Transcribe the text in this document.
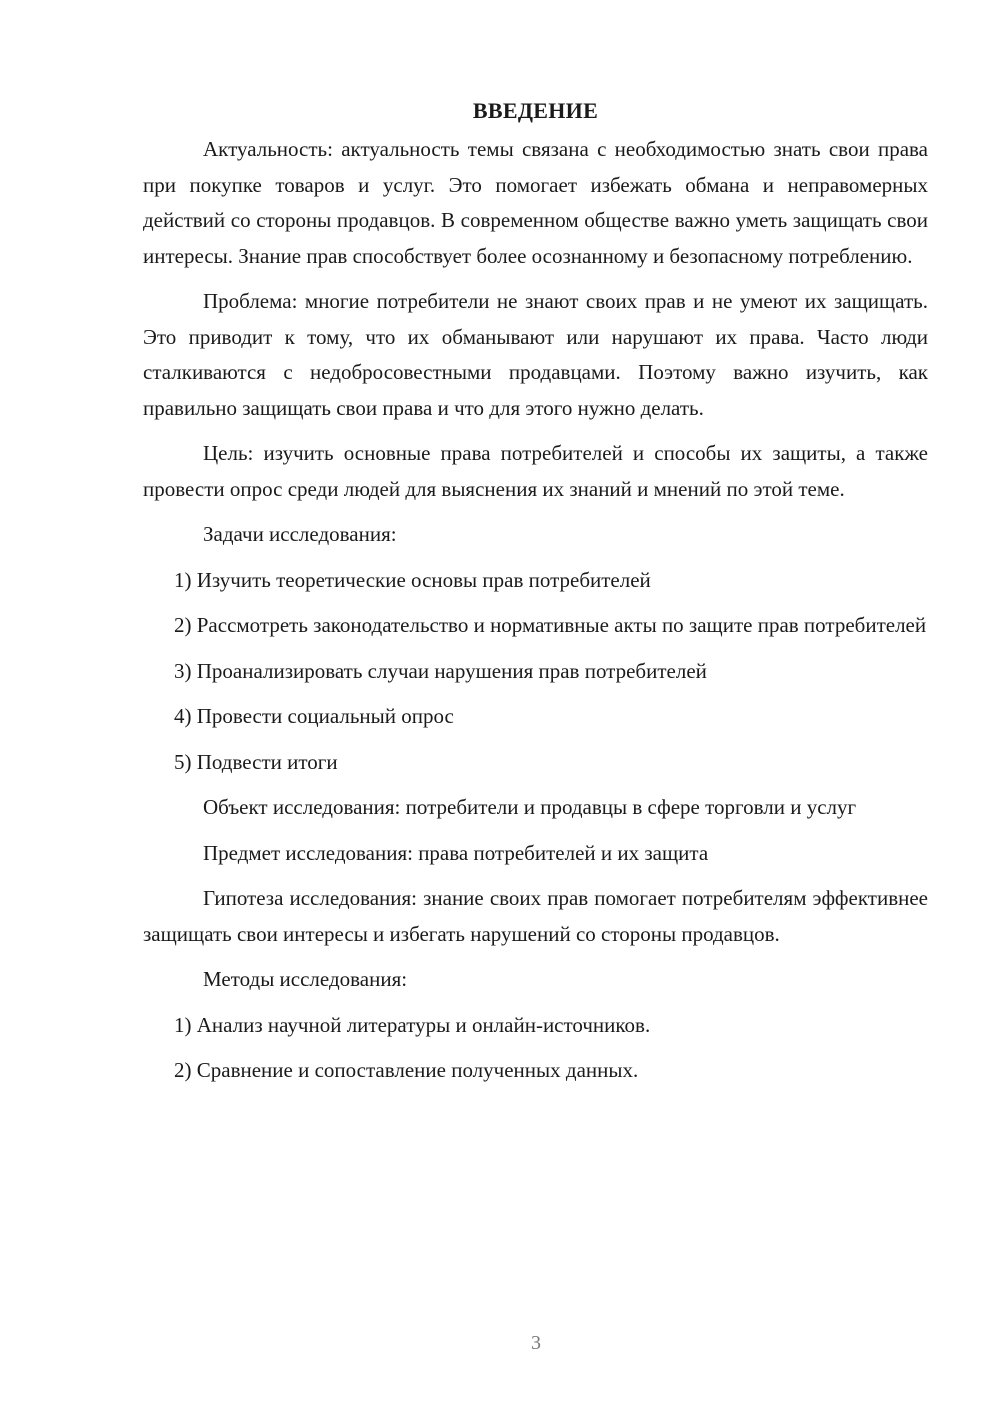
ВВЕДЕНИЕ

Актуальность: актуальность темы связана с необходимостью знать свои права при покупке товаров и услуг. Это помогает избежать обмана и неправомерных действий со стороны продавцов. В современном обществе важно уметь защищать свои интересы. Знание прав способствует более осознанному и безопасному потреблению.

Проблема: многие потребители не знают своих прав и не умеют их защищать. Это приводит к тому, что их обманывают или нарушают их права. Часто люди сталкиваются с недобросовестными продавцами. Поэтому важно изучить, как правильно защищать свои права и что для этого нужно делать.

Цель: изучить основные права потребителей и способы их защиты, а также провести опрос среди людей для выяснения их знаний и мнений по этой теме.

Задачи исследования:

1) Изучить теоретические основы прав потребителей

2) Рассмотреть законодательство и нормативные акты по защите прав потребителей

3) Проанализировать случаи нарушения прав потребителей

4) Провести социальный опрос

5) Подвести итоги

Объект исследования: потребители и продавцы в сфере торговли и услуг

Предмет исследования: права потребителей и их защита

Гипотеза исследования: знание своих прав помогает потребителям эффективнее защищать свои интересы и избегать нарушений со стороны продавцов.

Методы исследования:

1) Анализ научной литературы и онлайн-источников.

2) Сравнение и сопоставление полученных данных.

3
